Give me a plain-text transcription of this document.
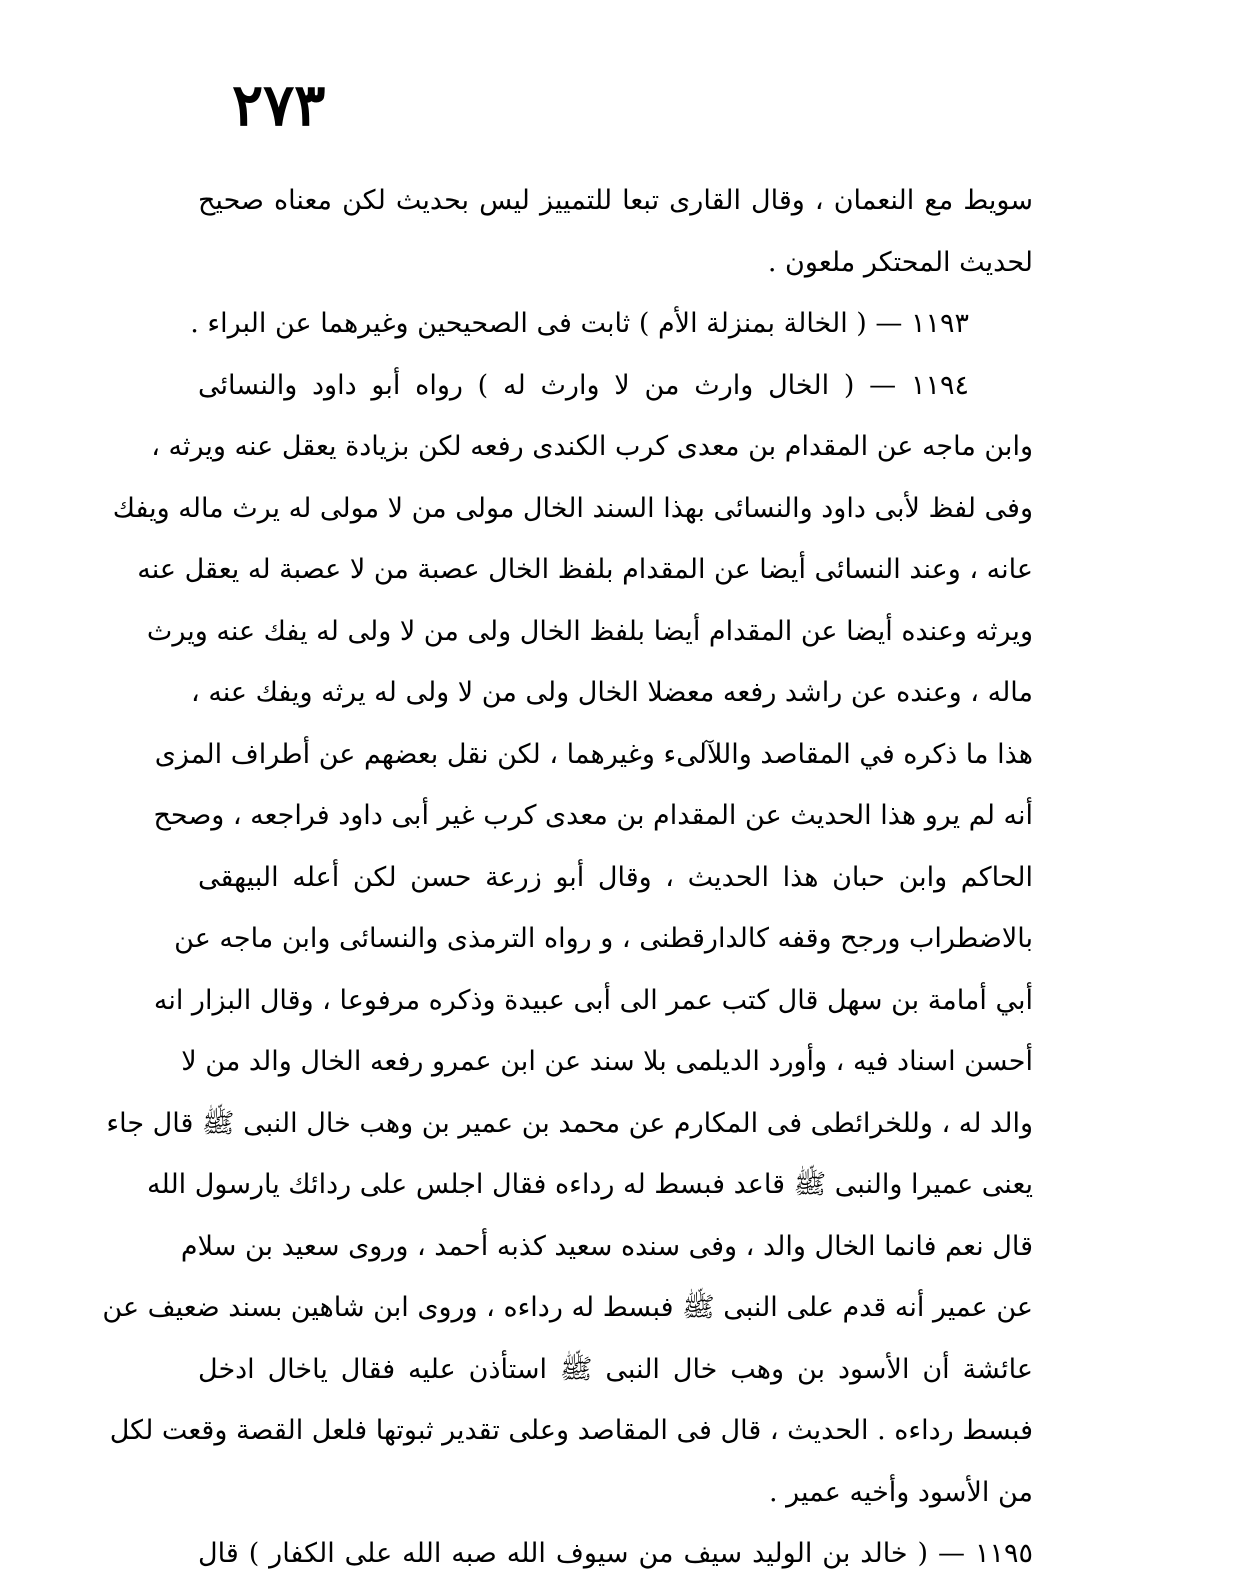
٢٧٣
سويط مع النعمان ، وقال القارى تبعا للتمييز ليس بحديث لكن معناه صحيح
لحديث المحتكر ملعون .
١١٩٣ — ( الخالة بمنزلة الأم ) ثابت فى الصحيحين وغيرهما عن البراء .
١١٩٤ — ( الخال وارث من لا وارث له ) رواه أبو داود والنسائى
وابن ماجه عن المقدام بن معدى كرب الكندى رفعه لكن بزيادة يعقل عنه ويرثه ،
وفى لفظ لأبى داود والنسائى بهذا السند الخال مولى من لا مولى له يرث ماله ويفك
عانه ، وعند النسائى أيضا عن المقدام بلفظ الخال عصبة من لا عصبة له يعقل عنه
ويرثه وعنده أيضا عن المقدام أيضا بلفظ الخال ولى من لا ولى له يفك عنه ويرث
ماله ، وعنده عن راشد رفعه معضلا الخال ولى من لا ولى له يرثه ويفك عنه ،
هذا ما ذكره في المقاصد واللآلىء وغيرهما ، لكن نقل بعضهم عن أطراف المزى
أنه لم يرو هذا الحديث عن المقدام بن معدى كرب غير أبى داود فراجعه ، وصحح
الحاكم وابن حبان هذا الحديث ، وقال أبو زرعة حسن لكن أعله البيهقى
بالاضطراب ورجح وقفه كالدارقطنى ، و رواه الترمذى والنسائى وابن ماجه عن
أبي أمامة بن سهل قال كتب عمر الى أبى عبيدة وذكره مرفوعا ، وقال البزار انه
أحسن اسناد فيه ، وأورد الديلمى بلا سند عن ابن عمرو رفعه الخال والد من لا
والد له ، وللخرائطى فى المكارم عن محمد بن عمير بن وهب خال النبى ﷺ قال جاء
يعنى عميرا والنبى ﷺ قاعد فبسط له رداءه فقال اجلس على ردائك يارسول الله
قال نعم فانما الخال والد ، وفى سنده سعيد كذبه أحمد ، وروى سعيد بن سلام
عن عمير أنه قدم على النبى ﷺ فبسط له رداءه ، وروى ابن شاهين بسند ضعيف عن
عائشة أن الأسود بن وهب خال النبى ﷺ استأذن عليه فقال ياخال ادخل
فبسط رداءه . الحديث ، قال فى المقاصد وعلى تقدير ثبوتها فلعل القصة وقعت لكل
من الأسود وأخيه عمير .
١١٩٥ — ( خالد بن الوليد سيف من سيوف الله صبه الله على الكفار ) قال
